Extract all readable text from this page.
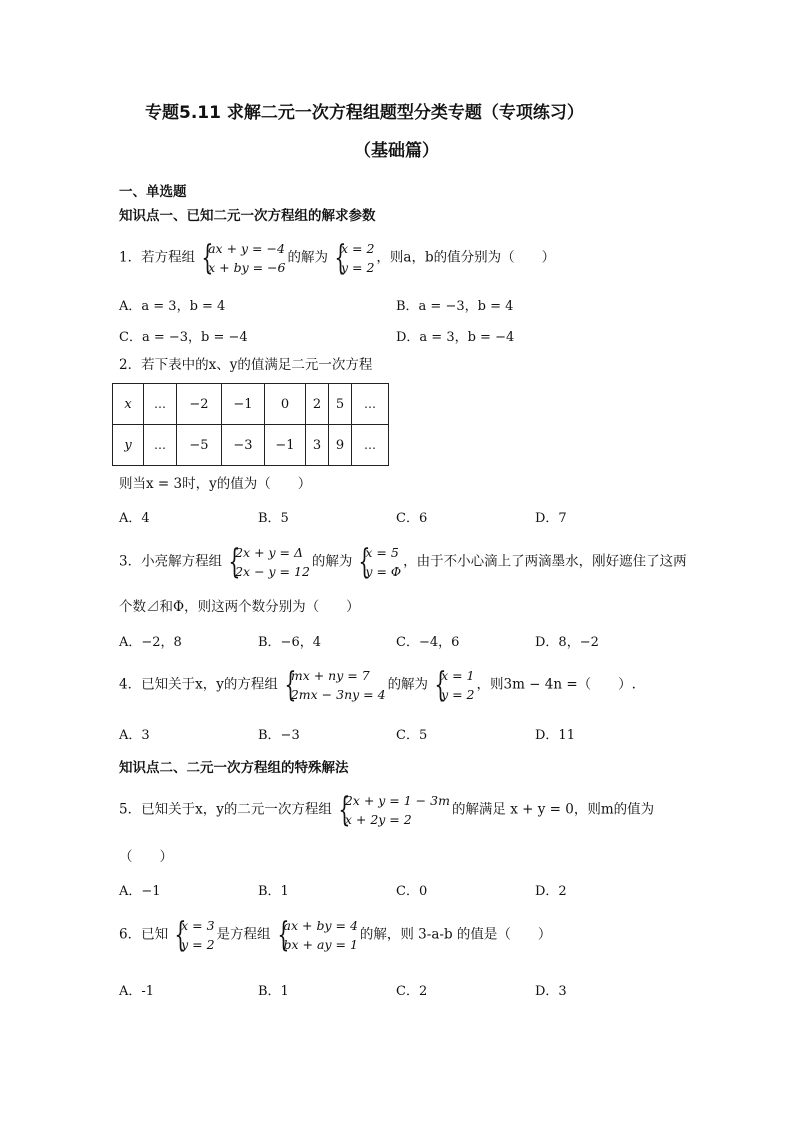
专题5.11 求解二元一次方程组题型分类专题（专项练习）
（基础篇）
一、单选题
知识点一、已知二元一次方程组的解求参数
1．若方程组 {
ax + y = −4
x + by = −6
的解为 {
x = 2
y = 2
，则a，b的值分别为（　　）
A．a = 3，b = 4	B．a = −3，b = 4
C．a = −3，b = −4	D．a = 3，b = −4
2．若下表中的x、y的值满足二元一次方程
x	…	−2	−1	0	2	5	…
y	…	−5	−3	−1	3	9	…
则当x = 3时，y的值为（　　）
A．4	B．5	C．6	D．7
3．小亮解方程组 {
2x + y = Δ
2x − y = 12
的解为 {
x = 5
y = Φ
，由于不小心滴上了两滴墨水，刚好遮住了这两
个数⊿和Φ，则这两个数分别为（　　）
A．−2，8	B．−6，4	C．−4，6	D．8，−2
4．已知关于x，y的方程组 {
mx + ny = 7
2mx − 3ny = 4
的解为 {
x = 1
y = 2
，则3m − 4n =（　　）.
A．3	B．−3	C．5	D．11
知识点二、二元一次方程组的特殊解法
5．已知关于x，y的二元一次方程组 {
2x + y = 1 − 3m
x + 2y = 2
的解满足 x + y = 0，则m的值为
（　　）
A．−1	B．1	C．0	D．2
6．已知 {
x = 3
y = 2
是方程组 {
ax + by = 4
bx + ay = 1
的解，则 3-a-b 的值是（　　）
A．-1	B．1	C．2	D．3
